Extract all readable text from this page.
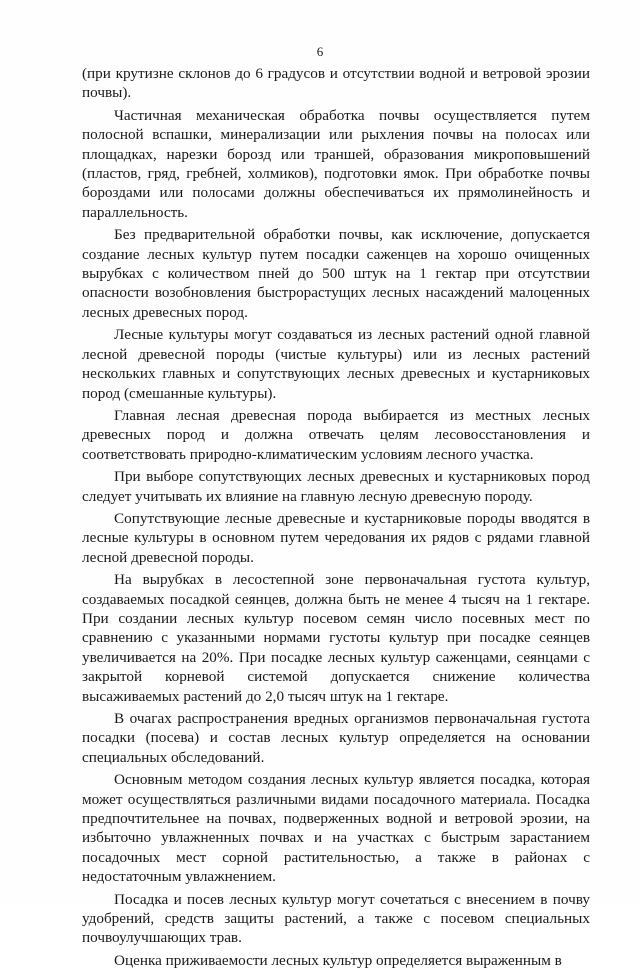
6

(при крутизне склонов до 6 градусов и отсутствии водной и ветровой эрозии почвы).

Частичная механическая обработка почвы осуществляется путем полосной вспашки, минерализации или рыхления почвы на полосах или площадках, нарезки борозд или траншей, образования микроповышений (пластов, гряд, гребней, холмиков), подготовки ямок. При обработке почвы бороздами или полосами должны обеспечиваться их прямолинейность и параллельность.

Без предварительной обработки почвы, как исключение, допускается создание лесных культур путем посадки саженцев на хорошо очищенных вырубках с количеством пней до 500 штук на 1 гектар при отсутствии опасности возобновления быстрорастущих лесных насаждений малоценных лесных древесных пород.

Лесные культуры могут создаваться из лесных растений одной главной лесной древесной породы (чистые культуры) или из лесных растений нескольких главных и сопутствующих лесных древесных и кустарниковых пород (смешанные культуры).

Главная лесная древесная порода выбирается из местных лесных древесных пород и должна отвечать целям лесовосстановления и соответствовать природно-климатическим условиям лесного участка.

При выборе сопутствующих лесных древесных и кустарниковых пород следует учитывать их влияние на главную лесную древесную породу.

Сопутствующие лесные древесные и кустарниковые породы вводятся в лесные культуры в основном путем чередования их рядов с рядами главной лесной древесной породы.

На вырубках в лесостепной зоне первоначальная густота культур, создаваемых посадкой сеянцев, должна быть не менее 4 тысяч на 1 гектаре. При создании лесных культур посевом семян число посевных мест по сравнению с указанными нормами густоты культур при посадке сеянцев увеличивается на 20%. При посадке лесных культур саженцами, сеянцами с закрытой корневой системой допускается снижение количества высаживаемых растений до 2,0 тысяч штук на 1 гектаре.

В очагах распространения вредных организмов первоначальная густота посадки (посева) и состав лесных культур определяется на основании специальных обследований.

Основным методом создания лесных культур является посадка, которая может осуществляться различными видами посадочного материала. Посадка предпочтительнее на почвах, подверженных водной и ветровой эрозии, на избыточно увлажненных почвах и на участках с быстрым зарастанием посадочных мест сорной растительностью, а также в районах с недостаточным увлажнением.

Посадка и посев лесных культур могут сочетаться с внесением в почву удобрений, средств защиты растений, а также с посевом специальных почвоулучшающих трав.

Оценка приживаемости лесных культур определяется выраженным в
